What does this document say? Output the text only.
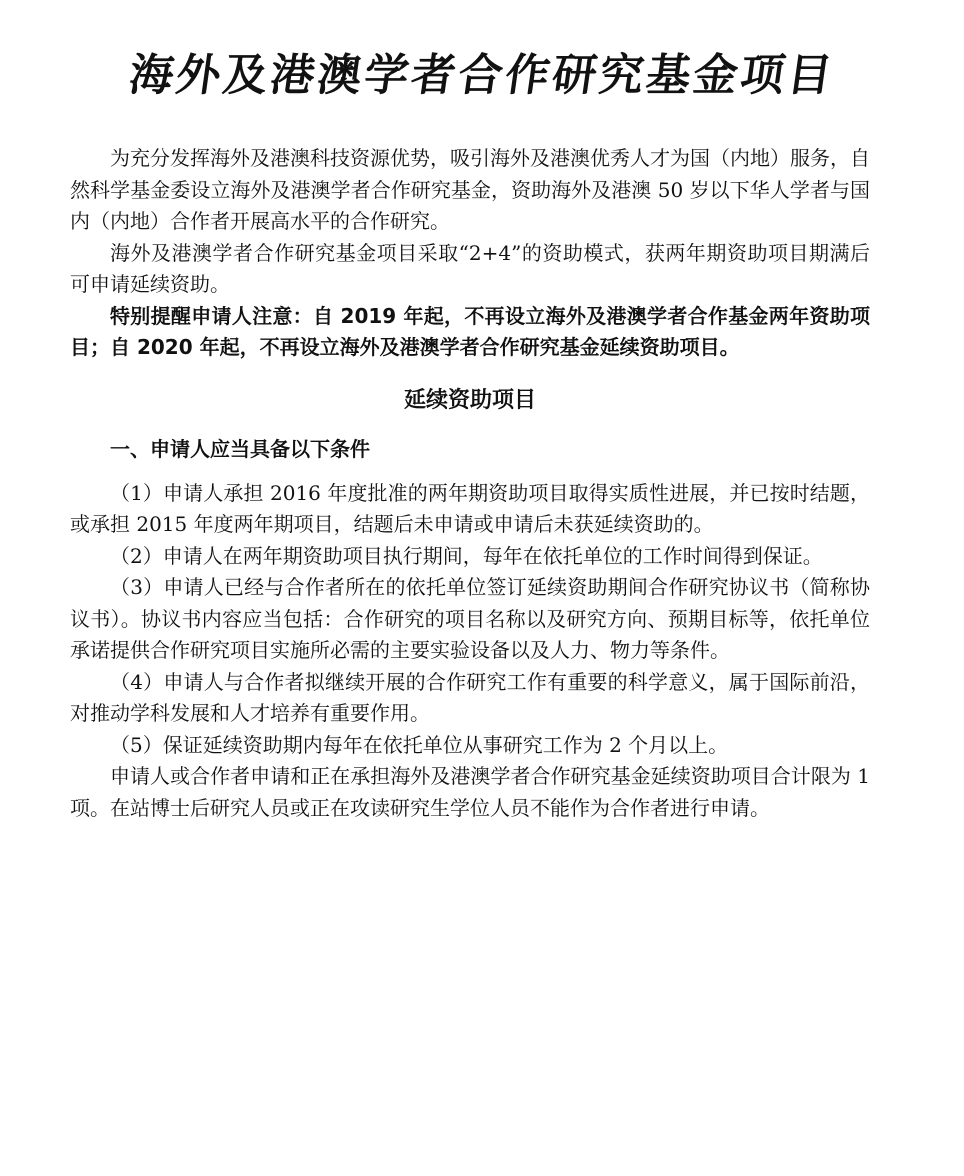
海外及港澳学者合作研究基金项目

为充分发挥海外及港澳科技资源优势，吸引海外及港澳优秀人才为国（内地）服务，自然科学基金委设立海外及港澳学者合作研究基金，资助海外及港澳 50 岁以下华人学者与国内（内地）合作者开展高水平的合作研究。

海外及港澳学者合作研究基金项目采取“2+4”的资助模式，获两年期资助项目期满后可申请延续资助。

特别提醒申请人注意：自 2019 年起，不再设立海外及港澳学者合作基金两年资助项目；自 2020 年起，不再设立海外及港澳学者合作研究基金延续资助项目。

延续资助项目
一、申请人应当具备以下条件

（1）申请人承担 2016 年度批准的两年期资助项目取得实质性进展，并已按时结题，或承担 2015 年度两年期项目，结题后未申请或申请后未获延续资助的。

（2）申请人在两年期资助项目执行期间，每年在依托单位的工作时间得到保证。

（3）申请人已经与合作者所在的依托单位签订延续资助期间合作研究协议书（简称协议书）。协议书内容应当包括：合作研究的项目名称以及研究方向、预期目标等，依托单位承诺提供合作研究项目实施所必需的主要实验设备以及人力、物力等条件。

（4）申请人与合作者拟继续开展的合作研究工作有重要的科学意义，属于国际前沿，对推动学科发展和人才培养有重要作用。

（5）保证延续资助期内每年在依托单位从事研究工作为 2 个月以上。

申请人或合作者申请和正在承担海外及港澳学者合作研究基金延续资助项目合计限为 1 项。在站博士后研究人员或正在攻读研究生学位人员不能作为合作者进行申请。
